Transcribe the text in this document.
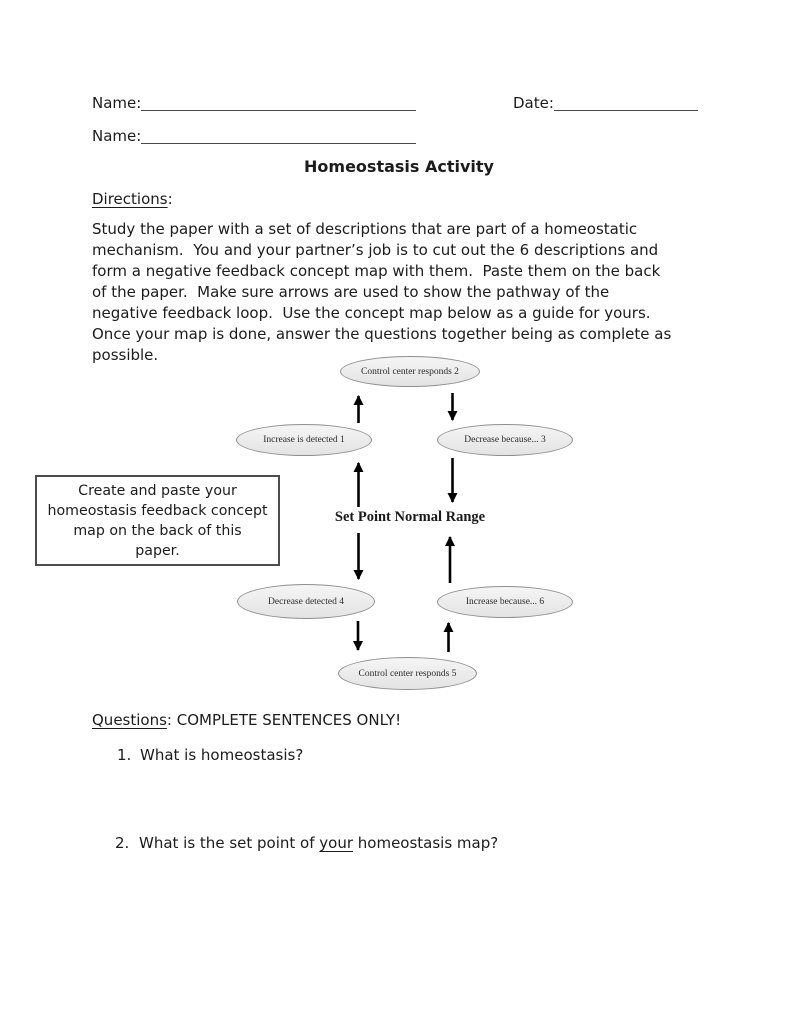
Name:	Date:
Name:
Homeostasis Activity
Directions:
Study the paper with a set of descriptions that are part of a homeostatic
mechanism.  You and your partner’s job is to cut out the 6 descriptions and
form a negative feedback concept map with them.  Paste them on the back
of the paper.  Make sure arrows are used to show the pathway of the
negative feedback loop.  Use the concept map below as a guide for yours.
Once your map is done, answer the questions together being as complete as
possible.
Control center responds 2
Increase is detected 1	Decrease because... 3
Set Point Normal Range
Decrease detected 4	Increase because... 6
Control center responds 5
Create and paste your
homeostasis feedback concept
map on the back of this
paper.
Questions: COMPLETE SENTENCES ONLY!
1. What is homeostasis?
2. What is the set point of your homeostasis map?
